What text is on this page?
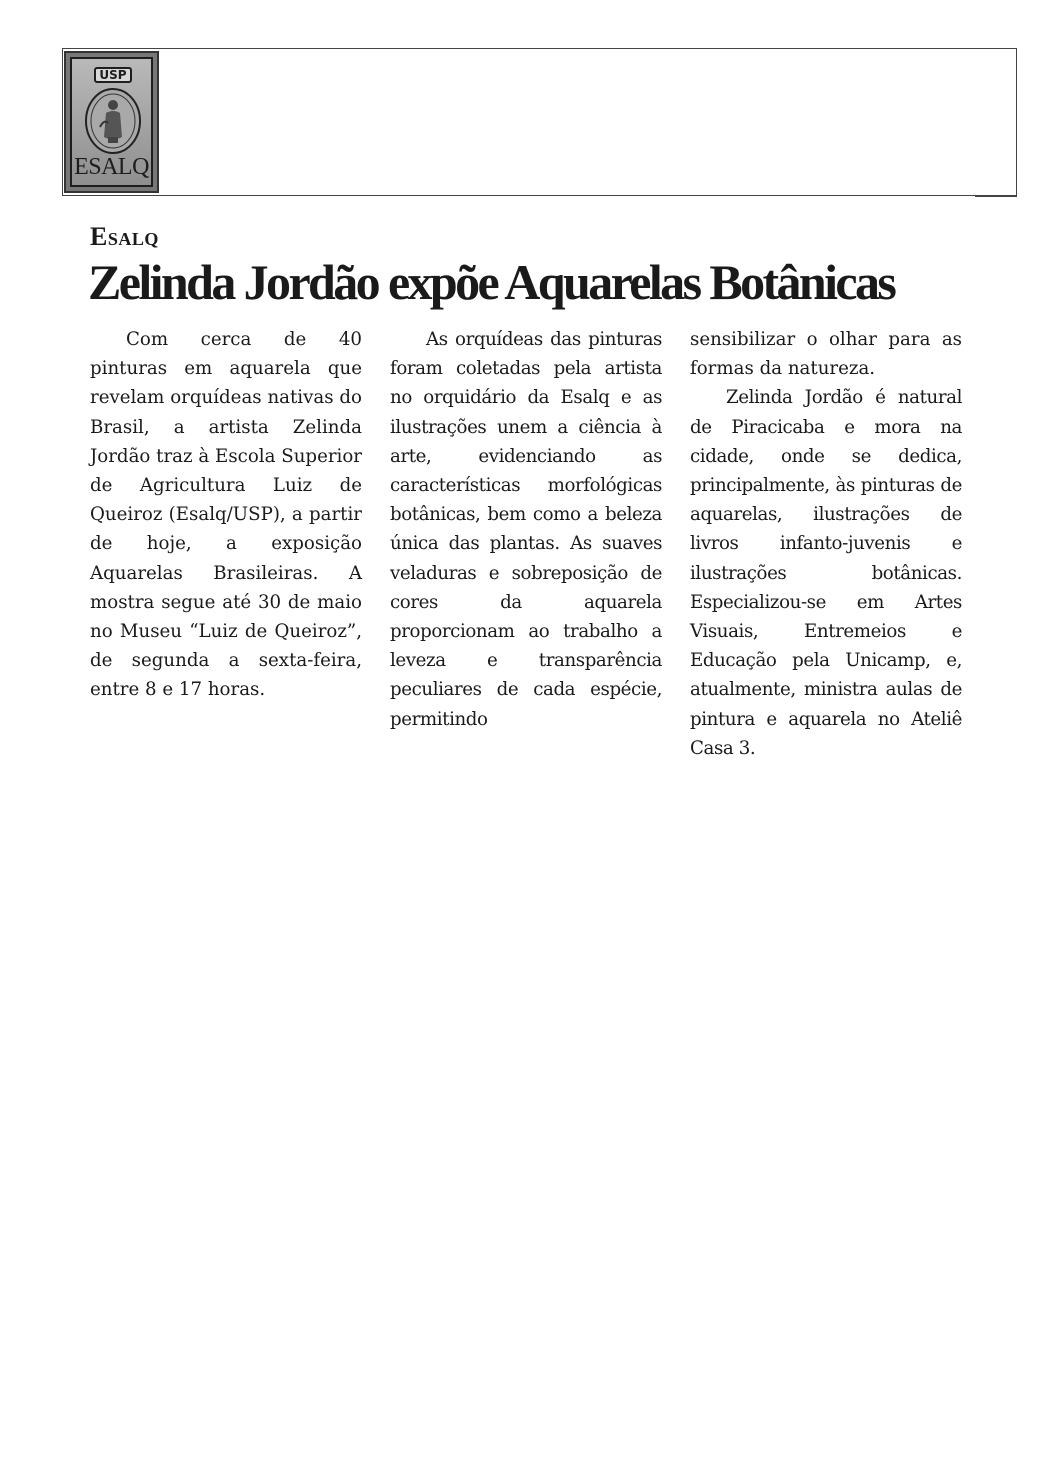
USP
ESALQ
Esalq
Zelinda Jordão expõe Aquarelas Botânicas

Com cerca de 40 pinturas em aquarela que revelam orquídeas nativas do Brasil, a artista Zelinda Jordão traz à Escola Superior de Agricultura Luiz de Queiroz (Esalq/USP), a partir de hoje, a exposição Aquarelas Brasileiras. A mostra segue até 30 de maio no Museu “Luiz de Queiroz”, de segunda a sexta-feira, entre 8 e 17 horas.

As orquídeas das pinturas foram coletadas pela artista no orquidário da Esalq e as ilustrações unem a ciência à arte, evidenciando as características morfológicas botânicas, bem como a beleza única das plantas. As suaves veladuras e sobreposição de cores da aquarela proporcionam ao trabalho a leveza e transparência peculiares de cada espécie, permitindo

sensibilizar o olhar para as formas da natureza.

Zelinda Jordão é natural de Piracicaba e mora na cidade, onde se dedica, principalmente, às pinturas de aquarelas, ilustrações de livros infanto-juvenis e ilustrações botânicas. Especializou-se em Artes Visuais, Entremeios e Educação pela Unicamp, e, atualmente, ministra aulas de pintura e aquarela no Ateliê Casa 3.
